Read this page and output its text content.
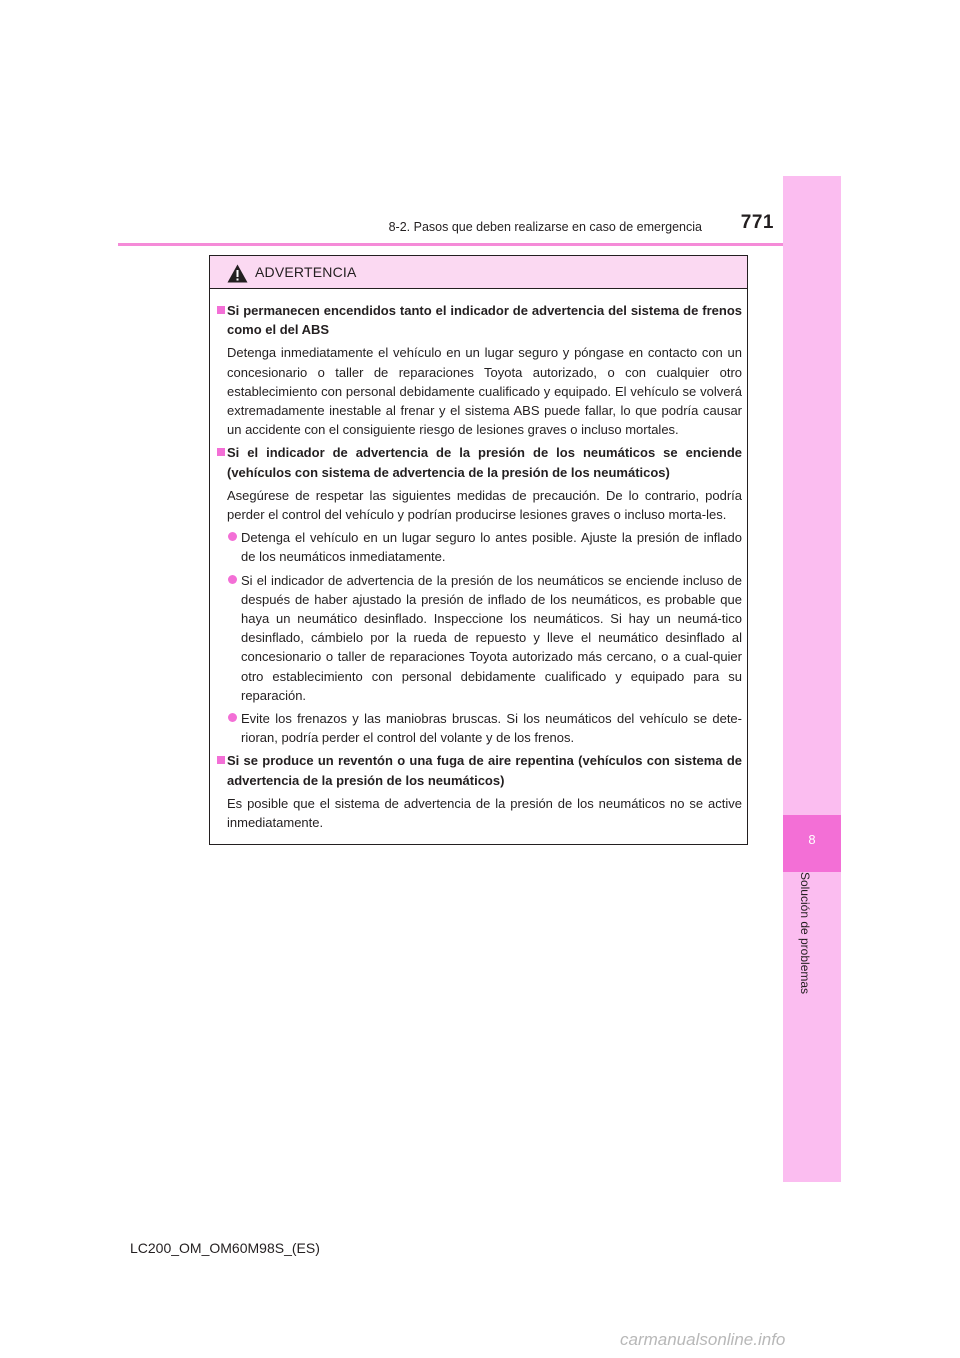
8-2. Pasos que deben realizarse en caso de emergencia	771
8
Solución de problemas
ADVERTENCIA
Si permanecen encendidos tanto el indicador de advertencia del sistema de frenos como el del ABS
Detenga inmediatamente el vehículo en un lugar seguro y póngase en contacto con un concesionario o taller de reparaciones Toyota autorizado, o con cualquier otro establecimiento con personal debidamente cualificado y equipado. El vehículo se volverá extremadamente inestable al frenar y el sistema ABS puede fallar, lo que podría causar un accidente con el consiguiente riesgo de lesiones graves o incluso mortales.
Si el indicador de advertencia de la presión de los neumáticos se enciende (vehículos con sistema de advertencia de la presión de los neumáticos)
Asegúrese de respetar las siguientes medidas de precaución. De lo contrario, podría perder el control del vehículo y podrían producirse lesiones graves o incluso morta-les.
Detenga el vehículo en un lugar seguro lo antes posible. Ajuste la presión de inflado de los neumáticos inmediatamente.
Si el indicador de advertencia de la presión de los neumáticos se enciende incluso de después de haber ajustado la presión de inflado de los neumáticos, es probable que haya un neumático desinflado. Inspeccione los neumáticos. Si hay un neumá-tico desinflado, cámbielo por la rueda de repuesto y lleve el neumático desinflado al concesionario o taller de reparaciones Toyota autorizado más cercano, o a cual-quier otro establecimiento con personal debidamente cualificado y equipado para su reparación.
Evite los frenazos y las maniobras bruscas. Si los neumáticos del vehículo se dete-rioran, podría perder el control del volante y de los frenos.
Si se produce un reventón o una fuga de aire repentina (vehículos con sistema de advertencia de la presión de los neumáticos)
Es posible que el sistema de advertencia de la presión de los neumáticos no se active inmediatamente.
LC200_OM_OM60M98S_(ES)
carmanualsonline.info
